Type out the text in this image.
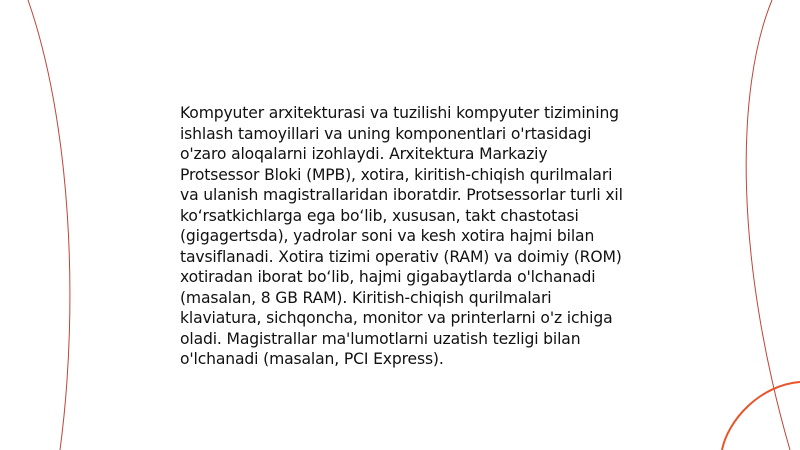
Kompyuter arxitekturasi va tuzilishi kompyuter tizimining ishlash tamoyillari va uning komponentlari o'rtasidagi o'zaro aloqalarni izohlaydi. Arxitektura Markaziy Protsessor Bloki (MPB), xotira, kiritish-chiqish qurilmalari va ulanish magistrallaridan iboratdir. Protsessorlar turli xil ko‘rsatkichlarga ega bo‘lib, xususan, takt chastotasi (gigagertsda), yadrolar soni va kesh xotira hajmi bilan tavsiflanadi. Xotira tizimi operativ (RAM) va doimiy (ROM) xotiradan iborat bo‘lib, hajmi gigabaytlarda o'lchanadi (masalan, 8 GB RAM). Kiritish-chiqish qurilmalari klaviatura, sichqoncha, monitor va printerlarni o'z ichiga oladi. Magistrallar ma'lumotlarni uzatish tezligi bilan o'lchanadi (masalan, PCI Express).
